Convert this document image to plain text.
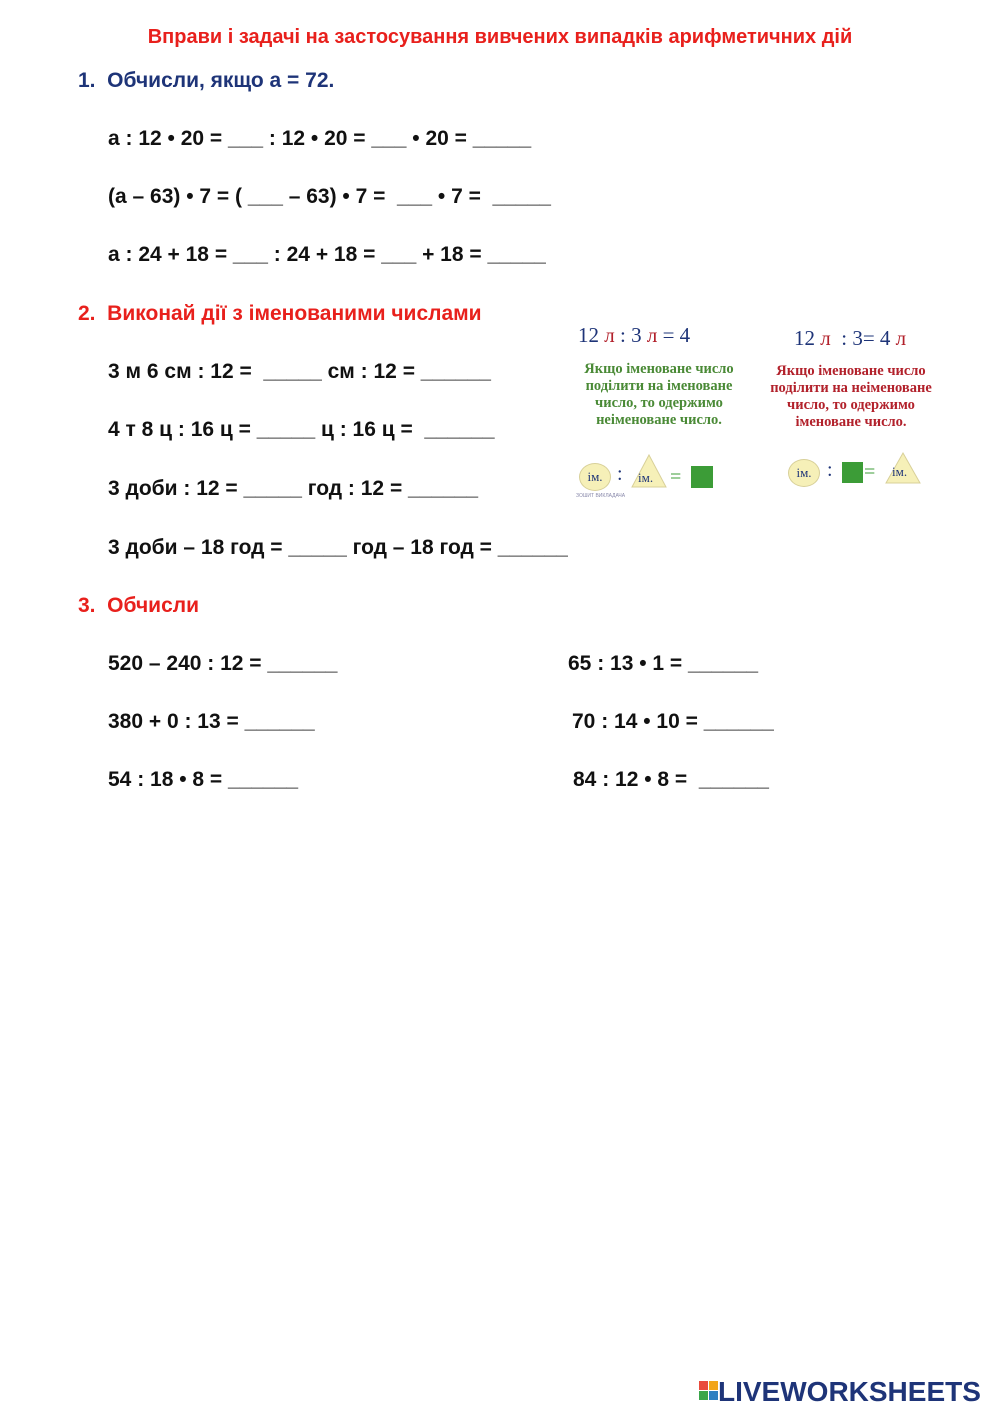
Вправи і задачі на застосування вивчених випадків арифметичних дій
1.  Обчисли, якщо а = 72.
а : 12 • 20 = ___ : 12 • 20 = ___ • 20 = _____
(а – 63) • 7 = ( ___ – 63) • 7 =  ___ • 7 =  _____
а : 24 + 18 = ___ : 24 + 18 = ___ + 18 = _____
2.  Виконай дії з іменованими числами
3 м 6 см : 12 =  _____ см : 12 = ______
4 т 8 ц : 16 ц = _____ ц : 16 ц =  ______
3 доби : 12 = _____ год : 12 = ______
3 доби – 18 год = _____ год – 18 год = ______
12 л : 3 л = 4
Якщо іменоване число поділити на іменоване число, то одержимо неіменоване число.
ім. : ім. =
ЗОШИТ ВИКЛАДАЧА
12 л  : 3= 4 л
Якщо іменоване число поділити на неіменоване число, то одержимо іменоване число.
ім. : = ім.
3.  Обчисли
520 – 240 : 12 = ______
380 + 0 : 13 = ______
54 : 18 • 8 = ______
65 : 13 • 1 = ______
70 : 14 • 10 = ______
84 : 12 • 8 =  ______
LIVEWORKSHEETS
